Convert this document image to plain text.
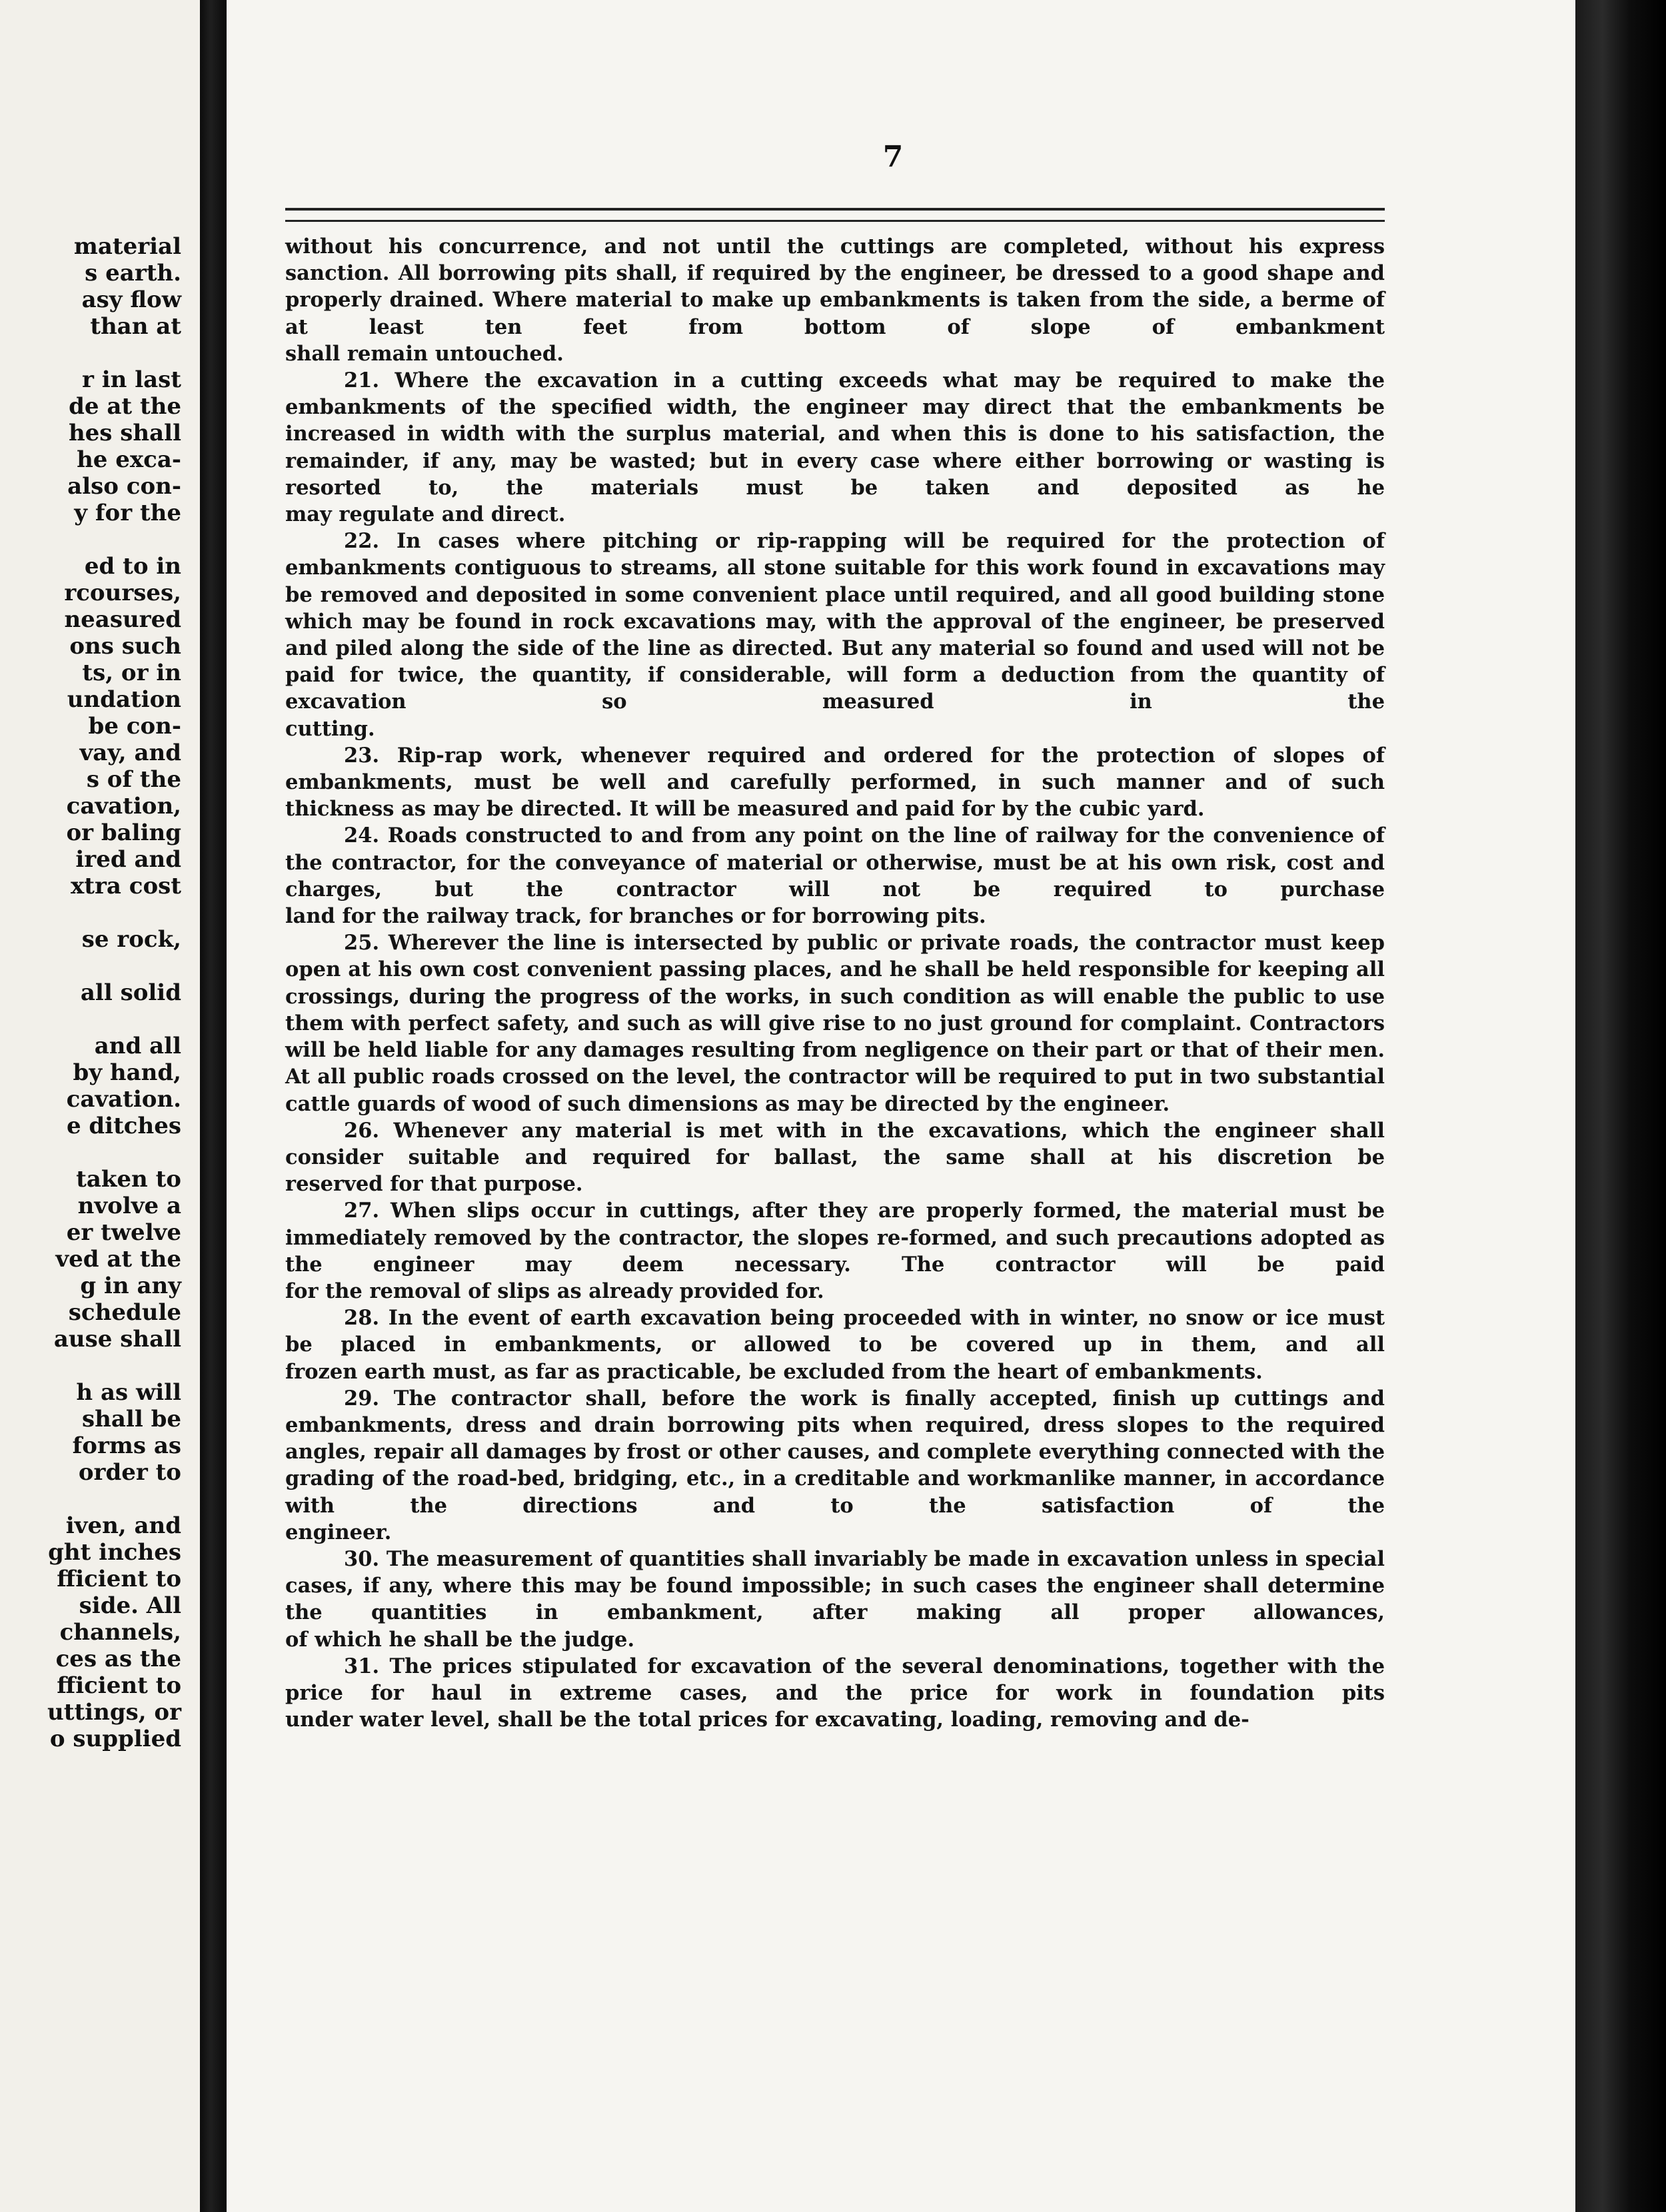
material
s earth.
asy flow
than at
r in last
de at the
hes shall
he exca-
also con-
y for the
ed to in
rcourses,
neasured
ons such
ts, or in
undation
be con-
vay, and
s of the
cavation,
or baling
ired and
xtra cost
se rock,
all solid
and all
by hand,
cavation.
e ditches
taken to
nvolve a
er twelve
ved at the
g in any
schedule
ause shall
h as will
shall be
forms as
order to
iven, and
ght inches
fficient to
side. All
channels,
ces as the
fficient to
uttings, or
o supplied
7
without his concurrence, and not until the cuttings are completed, without his express sanction. All borrowing pits shall, if required by the engineer, be dressed to a good shape and properly drained. Where material to make up embankments is taken from the side, a berme of at least ten feet from bottom of slope of embankment
shall remain untouched.
21. Where the excavation in a cutting exceeds what may be required to make the embankments of the specified width, the engineer may direct that the embankments be increased in width with the surplus material, and when this is done to his satisfaction, the remainder, if any, may be wasted; but in every case where either borrowing or wasting is resorted to, the materials must be taken and deposited as he
may regulate and direct.
22. In cases where pitching or rip-rapping will be required for the protection of embankments contiguous to streams, all stone suitable for this work found in excavations may be removed and deposited in some convenient place until required, and all good building stone which may be found in rock excavations may, with the approval of the engineer, be preserved and piled along the side of the line as directed. But any material so found and used will not be paid for twice, the quantity, if considerable, will form a deduction from the quantity of excavation so measured in the
cutting.
23. Rip-rap work, whenever required and ordered for the protection of slopes of embankments, must be well and carefully performed, in such manner and of such
thickness as may be directed. It will be measured and paid for by the cubic yard.
24. Roads constructed to and from any point on the line of railway for the convenience of the contractor, for the conveyance of material or otherwise, must be at his own risk, cost and charges, but the contractor will not be required to purchase
land for the railway track, for branches or for borrowing pits.
25. Wherever the line is intersected by public or private roads, the contractor must keep open at his own cost convenient passing places, and he shall be held responsible for keeping all crossings, during the progress of the works, in such condition as will enable the public to use them with perfect safety, and such as will give rise to no just ground for complaint. Contractors will be held liable for any damages resulting from negligence on their part or that of their men. At all public roads crossed on the level, the contractor will be required to put in two substantial
cattle guards of wood of such dimensions as may be directed by the engineer.
26. Whenever any material is met with in the excavations, which the engineer shall consider suitable and required for ballast, the same shall at his discretion be
reserved for that purpose.
27. When slips occur in cuttings, after they are properly formed, the material must be immediately removed by the contractor, the slopes re-formed, and such precautions adopted as the engineer may deem necessary. The contractor will be paid
for the removal of slips as already provided for.
28. In the event of earth excavation being proceeded with in winter, no snow or ice must be placed in embankments, or allowed to be covered up in them, and all
frozen earth must, as far as practicable, be excluded from the heart of embankments.
29. The contractor shall, before the work is finally accepted, finish up cuttings and embankments, dress and drain borrowing pits when required, dress slopes to the required angles, repair all damages by frost or other causes, and complete everything connected with the grading of the road-bed, bridging, etc., in a creditable and workmanlike manner, in accordance with the directions and to the satisfaction of the
engineer.
30. The measurement of quantities shall invariably be made in excavation unless in special cases, if any, where this may be found impossible; in such cases the engineer shall determine the quantities in embankment, after making all proper allowances,
of which he shall be the judge.
31. The prices stipulated for excavation of the several denominations, together with the price for haul in extreme cases, and the price for work in foundation pits
under water level, shall be the total prices for excavating, loading, removing and de-
